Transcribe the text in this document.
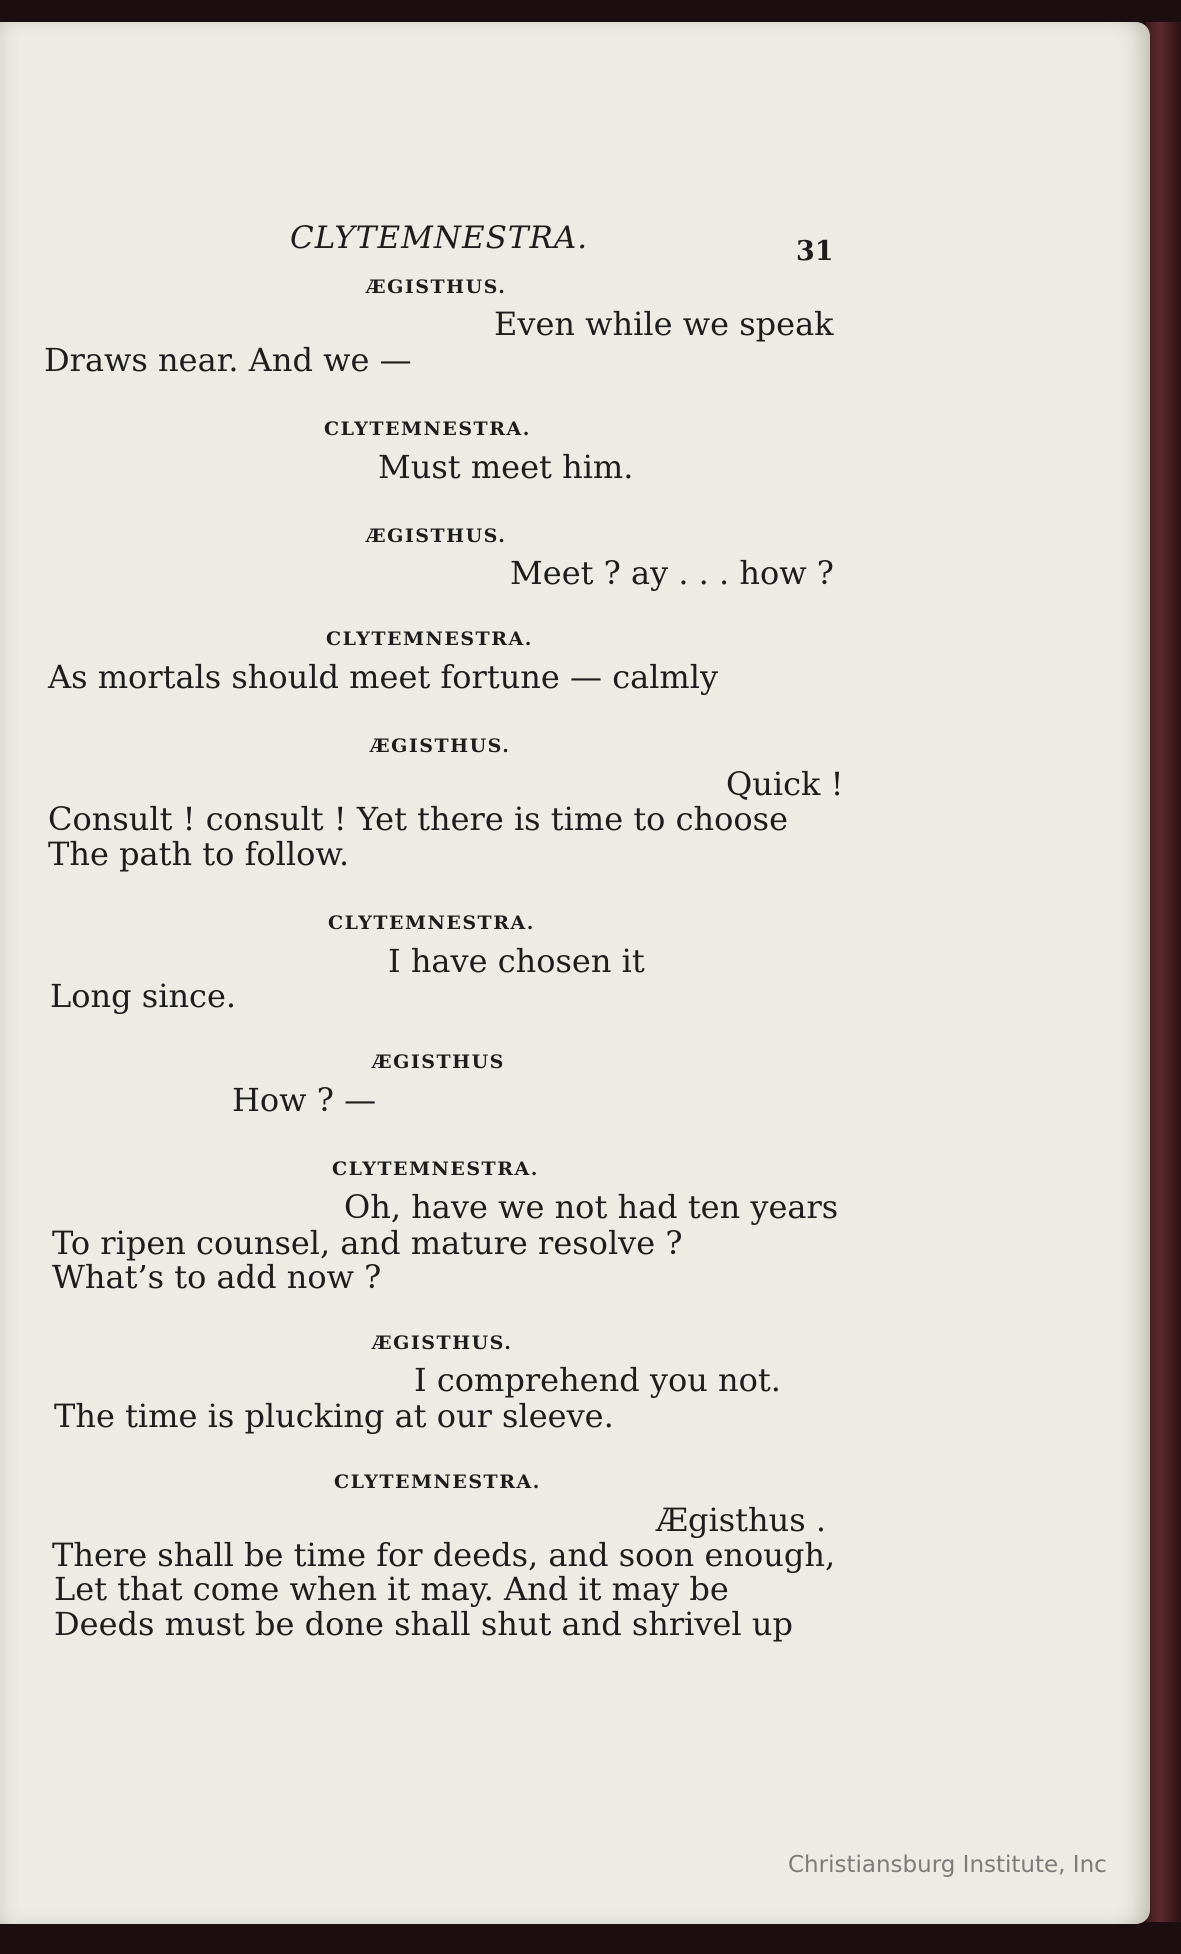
CLYTEMNESTRA.	31
ÆGISTHUS.
Even while we speak
Draws near. And we —
CLYTEMNESTRA.
Must meet him.
ÆGISTHUS.
Meet ? ay . . . how ?
CLYTEMNESTRA.
As mortals should meet fortune — calmly
ÆGISTHUS.
Quick !
Consult ! consult ! Yet there is time to choose
The path to follow.
CLYTEMNESTRA.
I have chosen it
Long since.
ÆGISTHUS
How ? —
CLYTEMNESTRA.
Oh, have we not had ten years
To ripen counsel, and mature resolve ?
What’s to add now ?
ÆGISTHUS.
I comprehend you not.
The time is plucking at our sleeve.
CLYTEMNESTRA.
Ægisthus .
There shall be time for deeds, and soon enough,
Let that come when it may. And it may be
Deeds must be done shall shut and shrivel up
Christiansburg Institute, Inc
